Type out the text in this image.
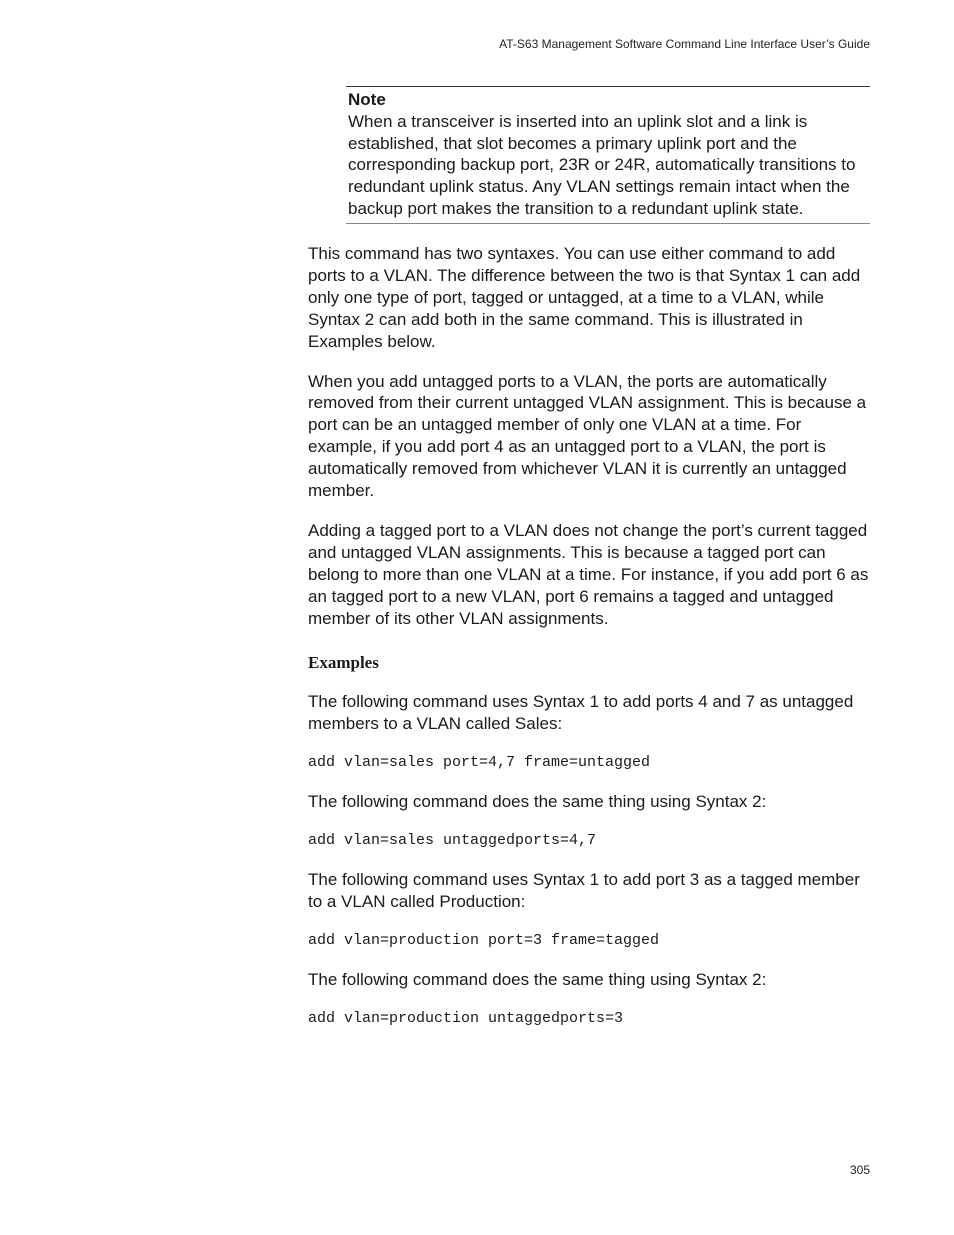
AT-S63 Management Software Command Line Interface User’s Guide
Note
When a transceiver is inserted into an uplink slot and a link is established, that slot becomes a primary uplink port and the corresponding backup port, 23R or 24R, automatically transitions to redundant uplink status. Any VLAN settings remain intact when the backup port makes the transition to a redundant uplink state.

This command has two syntaxes. You can use either command to add ports to a VLAN. The difference between the two is that Syntax 1 can add only one type of port, tagged or untagged, at a time to a VLAN, while Syntax 2 can add both in the same command. This is illustrated in Examples below.

When you add untagged ports to a VLAN, the ports are automatically removed from their current untagged VLAN assignment. This is because a port can be an untagged member of only one VLAN at a time. For example, if you add port 4 as an untagged port to a VLAN, the port is automatically removed from whichever VLAN it is currently an untagged member.

Adding a tagged port to a VLAN does not change the port’s current tagged and untagged VLAN assignments. This is because a tagged port can belong to more than one VLAN at a time. For instance, if you add port 6 as an tagged port to a new VLAN, port 6 remains a tagged and untagged member of its other VLAN assignments.

Examples

The following command uses Syntax 1 to add ports 4 and 7 as untagged members to a VLAN called Sales:

add vlan=sales port=4,7 frame=untagged

The following command does the same thing using Syntax 2:

add vlan=sales untaggedports=4,7

The following command uses Syntax 1 to add port 3 as a tagged member to a VLAN called Production:

add vlan=production port=3 frame=tagged

The following command does the same thing using Syntax 2:

add vlan=production untaggedports=3
305
